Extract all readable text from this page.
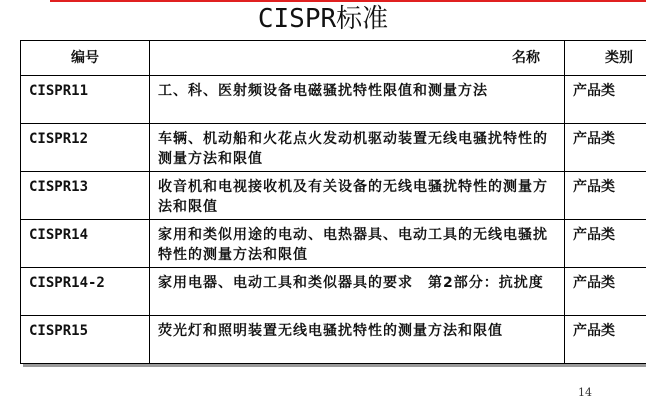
CISPR标准
编号	名称	类别
CISPR11	工、科、医射频设备电磁骚扰特性限值和测量方法	产品类
CISPR12	车辆、机动船和火花点火发动机驱动装置无线电骚扰特性的测量方法和限值	产品类
CISPR13	收音机和电视接收机及有关设备的无线电骚扰特性的测量方法和限值	产品类
CISPR14	家用和类似用途的电动、电热器具、电动工具的无线电骚扰特性的测量方法和限值	产品类
CISPR14-2	家用电器、电动工具和类似器具的要求　第2部分：抗扰度	产品类
CISPR15	荧光灯和照明装置无线电骚扰特性的测量方法和限值	产品类
14
